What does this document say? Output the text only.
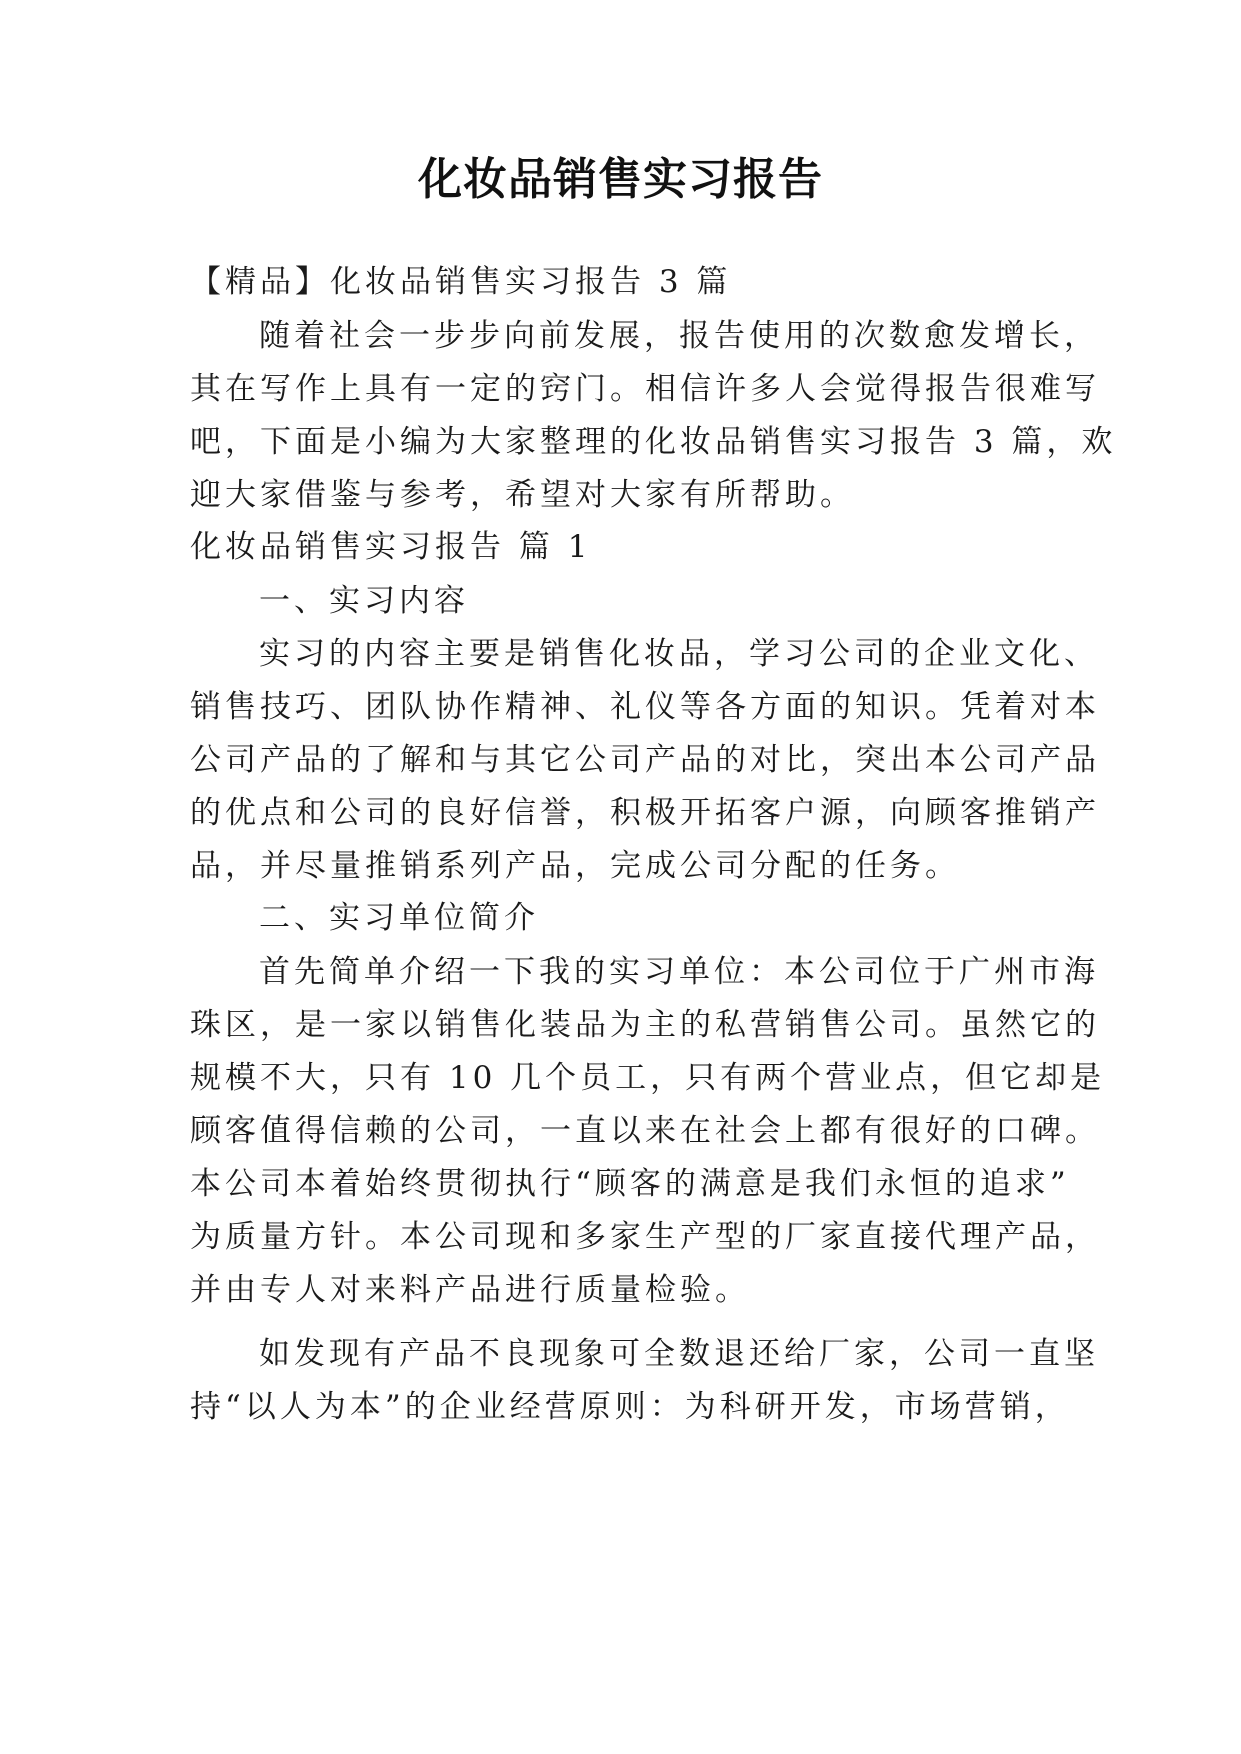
化妆品销售实习报告
【精品】化妆品销售实习报告 3 篇
随着社会一步步向前发展，报告使用的次数愈发增长，
其在写作上具有一定的窍门。相信许多人会觉得报告很难写
吧，下面是小编为大家整理的化妆品销售实习报告 3 篇，欢
迎大家借鉴与参考，希望对大家有所帮助。
化妆品销售实习报告 篇 1
一、实习内容
实习的内容主要是销售化妆品，学习公司的企业文化、
销售技巧、团队协作精神、礼仪等各方面的知识。凭着对本
公司产品的了解和与其它公司产品的对比，突出本公司产品
的优点和公司的良好信誉，积极开拓客户源，向顾客推销产
品，并尽量推销系列产品，完成公司分配的任务。
二、实习单位简介
首先简单介绍一下我的实习单位：本公司位于广州市海
珠区，是一家以销售化装品为主的私营销售公司。虽然它的
规模不大，只有 10 几个员工，只有两个营业点，但它却是
顾客值得信赖的公司，一直以来在社会上都有很好的口碑。
本公司本着始终贯彻执行“顾客的满意是我们永恒的追求”
为质量方针。本公司现和多家生产型的厂家直接代理产品，
并由专人对来料产品进行质量检验。
如发现有产品不良现象可全数退还给厂家，公司一直坚
持“以人为本”的企业经营原则：为科研开发，市场营销，
